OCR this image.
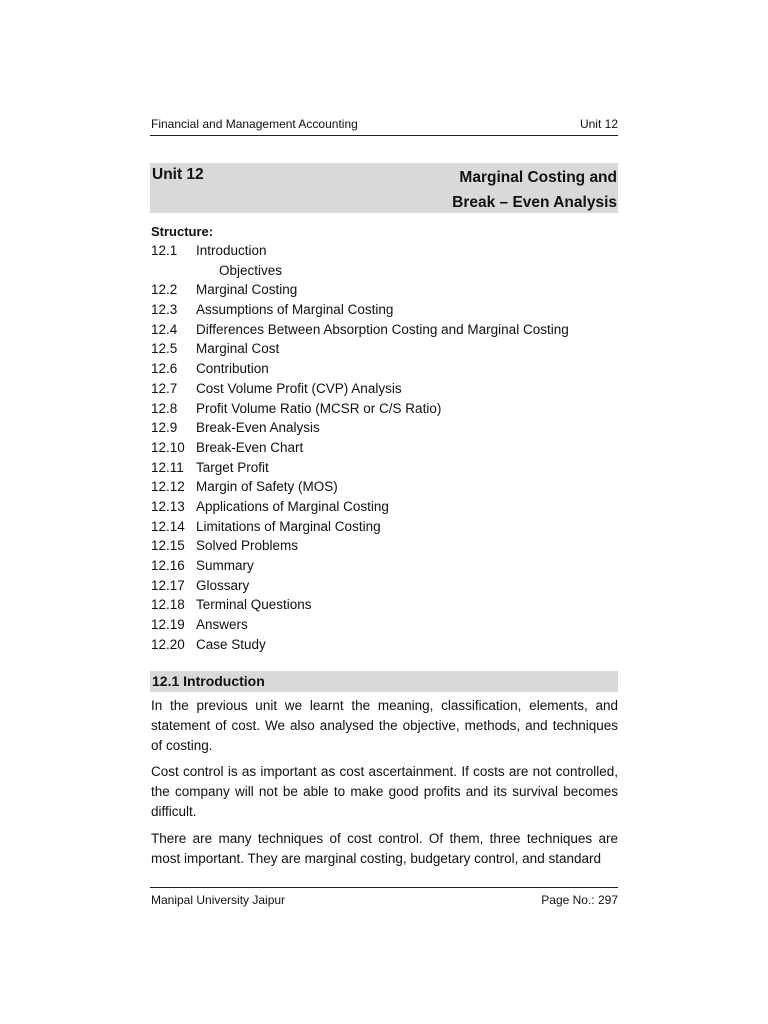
Financial and Management Accounting	Unit 12
Unit 12	Marginal Costing and
Break – Even Analysis
Structure:
12.1 Introduction
Objectives
12.2 Marginal Costing
12.3 Assumptions of Marginal Costing
12.4 Differences Between Absorption Costing and Marginal Costing
12.5 Marginal Cost
12.6 Contribution
12.7 Cost Volume Profit (CVP) Analysis
12.8 Profit Volume Ratio (MCSR or C/S Ratio)
12.9 Break-Even Analysis
12.10 Break-Even Chart
12.11 Target Profit
12.12 Margin of Safety (MOS)
12.13 Applications of Marginal Costing
12.14 Limitations of Marginal Costing
12.15 Solved Problems
12.16 Summary
12.17 Glossary
12.18 Terminal Questions
12.19 Answers
12.20 Case Study
12.1 Introduction

In the previous unit we learnt the meaning, classification, elements, and statement of cost. We also analysed the objective, methods, and techniques of costing.

Cost control is as important as cost ascertainment. If costs are not controlled, the company will not be able to make good profits and its survival becomes difficult.

There are many techniques of cost control. Of them, three techniques are most important. They are marginal costing, budgetary control, and standard

Manipal University Jaipur	Page No.: 297
